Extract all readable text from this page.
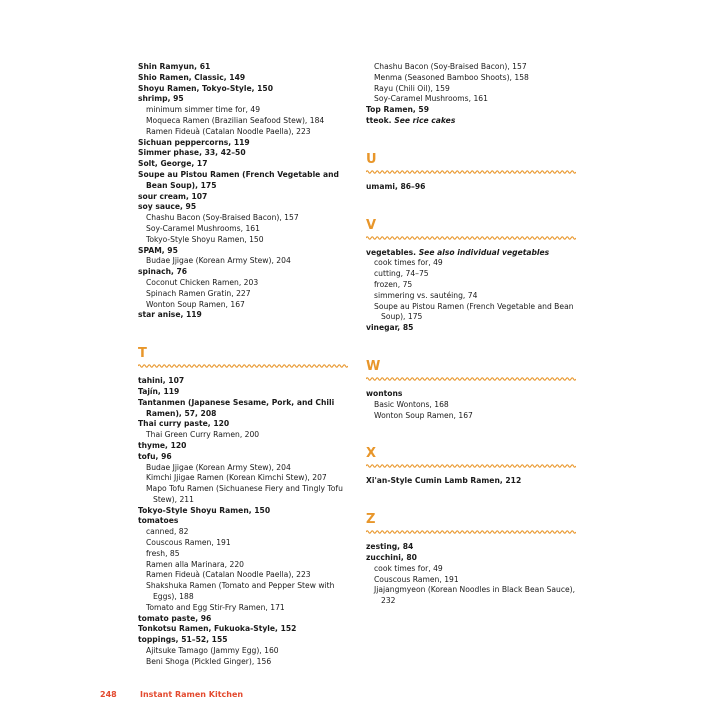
Shin Ramyun, 61
Shio Ramen, Classic, 149
Shoyu Ramen, Tokyo-Style, 150
shrimp, 95
minimum simmer time for, 49
Moqueca Ramen (Brazilian Seafood Stew), 184
Ramen Fideuà (Catalan Noodle Paella), 223
Sichuan peppercorns, 119
Simmer phase, 33, 42–50
Solt, George, 17
Soupe au Pistou Ramen (French Vegetable and Bean Soup), 175
sour cream, 107
soy sauce, 95
Chashu Bacon (Soy-Braised Bacon), 157
Soy-Caramel Mushrooms, 161
Tokyo-Style Shoyu Ramen, 150
SPAM, 95
Budae Jjigae (Korean Army Stew), 204
spinach, 76
Coconut Chicken Ramen, 203
Spinach Ramen Gratin, 227
Wonton Soup Ramen, 167
star anise, 119
T
tahini, 107
Tajín, 119
Tantanmen (Japanese Sesame, Pork, and Chili Ramen), 57, 208
Thai curry paste, 120
Thai Green Curry Ramen, 200
thyme, 120
tofu, 96
Budae Jjigae (Korean Army Stew), 204
Kimchi Jjigae Ramen (Korean Kimchi Stew), 207
Mapo Tofu Ramen (Sichuanese Fiery and Tingly Tofu Stew), 211
Tokyo-Style Shoyu Ramen, 150
tomatoes
canned, 82
Couscous Ramen, 191
fresh, 85
Ramen alla Marinara, 220
Ramen Fideuà (Catalan Noodle Paella), 223
Shakshuka Ramen (Tomato and Pepper Stew with Eggs), 188
Tomato and Egg Stir-Fry Ramen, 171
tomato paste, 96
Tonkotsu Ramen, Fukuoka-Style, 152
toppings, 51–52, 155
Ajitsuke Tamago (Jammy Egg), 160
Beni Shoga (Pickled Ginger), 156
Chashu Bacon (Soy-Braised Bacon), 157
Menma (Seasoned Bamboo Shoots), 158
Rayu (Chili Oil), 159
Soy-Caramel Mushrooms, 161
Top Ramen, 59
tteok. See rice cakes
U
umami, 86–96
V
vegetables. See also individual vegetables
cook times for, 49
cutting, 74–75
frozen, 75
simmering vs. sautéing, 74
Soupe au Pistou Ramen (French Vegetable and Bean Soup), 175
vinegar, 85
W
wontons
Basic Wontons, 168
Wonton Soup Ramen, 167
X
Xi'an-Style Cumin Lamb Ramen, 212
Z
zesting, 84
zucchini, 80
cook times for, 49
Couscous Ramen, 191
Jjajangmyeon (Korean Noodles in Black Bean Sauce), 232
248	Instant Ramen Kitchen
